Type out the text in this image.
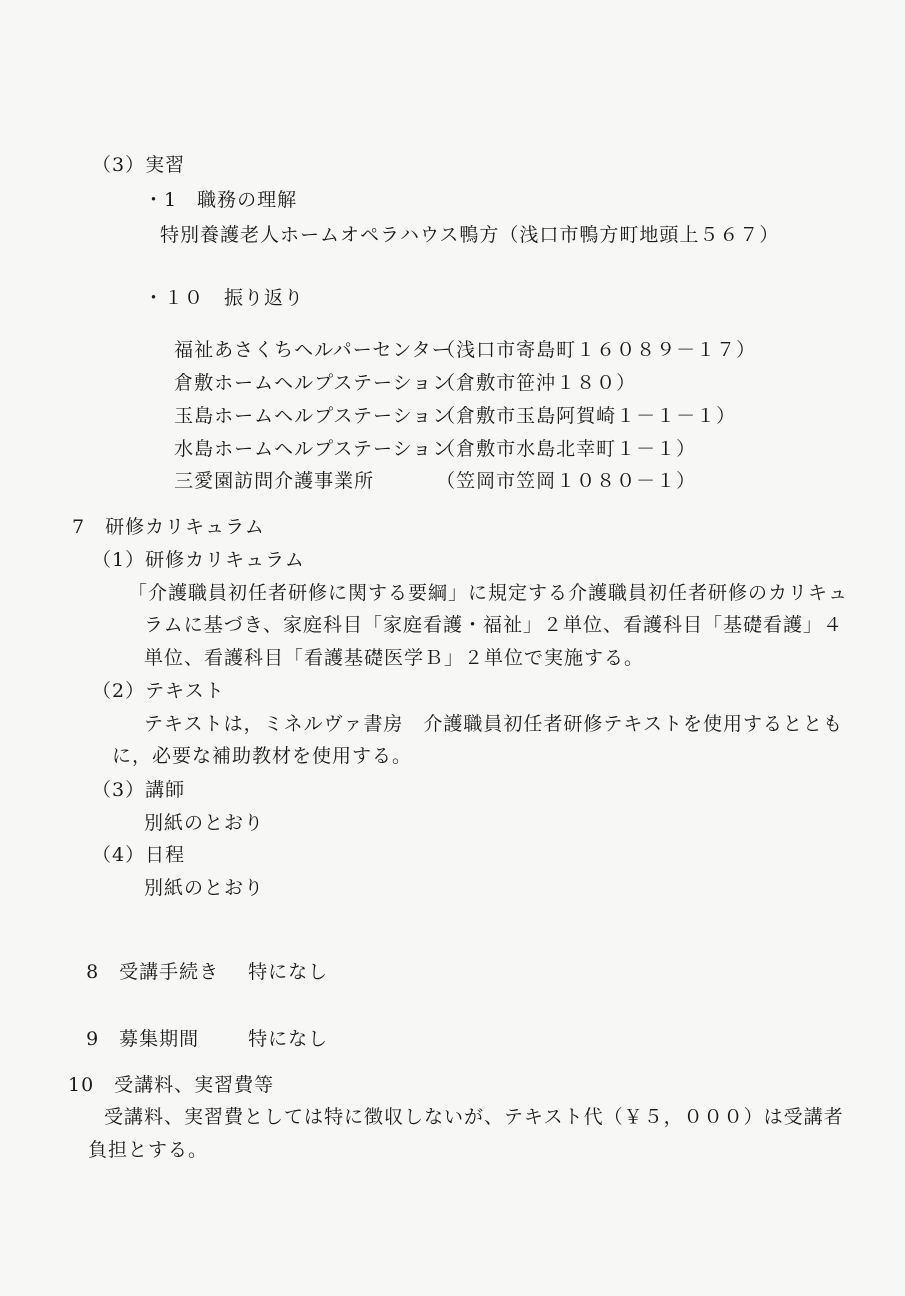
（3）実習
・1　職務の理解
特別養護老人ホームオペラハウス鴨方（浅口市鴨方町地頭上５６７）
・１０　振り返り

福祉あさくちヘルパーセンター（浅口市寄島町１６０８９－１７）

倉敷ホームヘルプステーション（倉敷市笹沖１８０）

玉島ホームヘルプステーション（倉敷市玉島阿賀崎１－１－１）

水島ホームヘルプステーション（倉敷市水島北幸町１－１）

三愛園訪問介護事業所	（笠岡市笠岡１０８０－１）

7　研修カリキュラム
（1）研修カリキュラム
「介護職員初任者研修に関する要綱」に規定する介護職員初任者研修のカリキュ
ラムに基づき、家庭科目「家庭看護・福祉」２単位、看護科目「基礎看護」４
単位、看護科目「看護基礎医学Ｂ」２単位で実施する。
（2）テキスト
テキストは，ミネルヴァ書房　介護職員初任者研修テキストを使用するととも
に，必要な補助教材を使用する。
（3）講師
別紙のとおり
（4）日程
別紙のとおり

8　受講手続き 特になし

9　募集期間	特になし

10　受講料、実習費等
受講料、実習費としては特に徴収しないが、テキスト代（￥５，０００）は受講者
負担とする。
